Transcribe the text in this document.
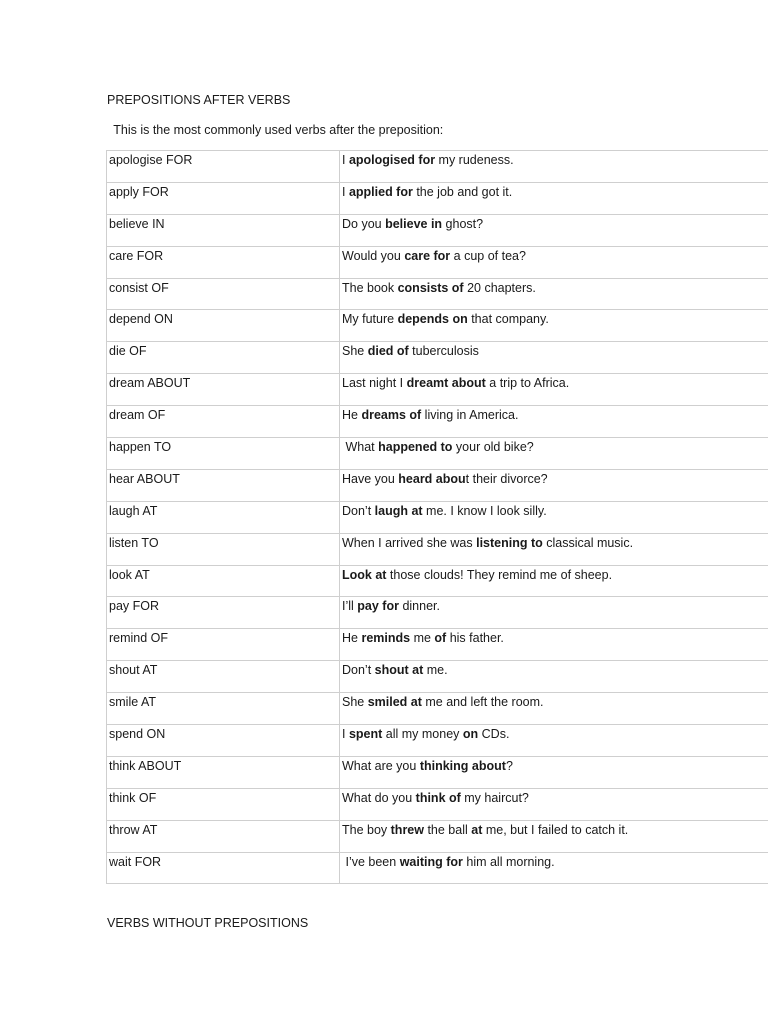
PREPOSITIONS AFTER VERBS

This is the most commonly used verbs after the preposition:

apologise FOR	I apologised for my rudeness.
apply FOR	I applied for the job and got it.
believe IN	Do you believe in ghost?
care FOR	Would you care for a cup of tea?
consist OF	The book consists of 20 chapters.
depend ON	My future depends on that company.
die OF	She died of tuberculosis
dream ABOUT	Last night I dreamt about a trip to Africa.
dream OF	He dreams of living in America.
happen TO	What happened to your old bike?
hear ABOUT	Have you heard about their divorce?
laugh AT	Don’t laugh at me. I know I look silly.
listen TO	When I arrived she was listening to classical music.
look AT	Look at those clouds! They remind me of sheep.
pay FOR	I’ll pay for dinner.
remind OF	He reminds me of his father.
shout AT	Don’t shout at me.
smile AT	She smiled at me and left the room.
spend ON	I spent all my money on CDs.
think ABOUT	What are you thinking about?
think OF	What do you think of my haircut?
throw AT	The boy threw the ball at me, but I failed to catch it.
wait FOR	I’ve been waiting for him all morning.
VERBS WITHOUT PREPOSITIONS
